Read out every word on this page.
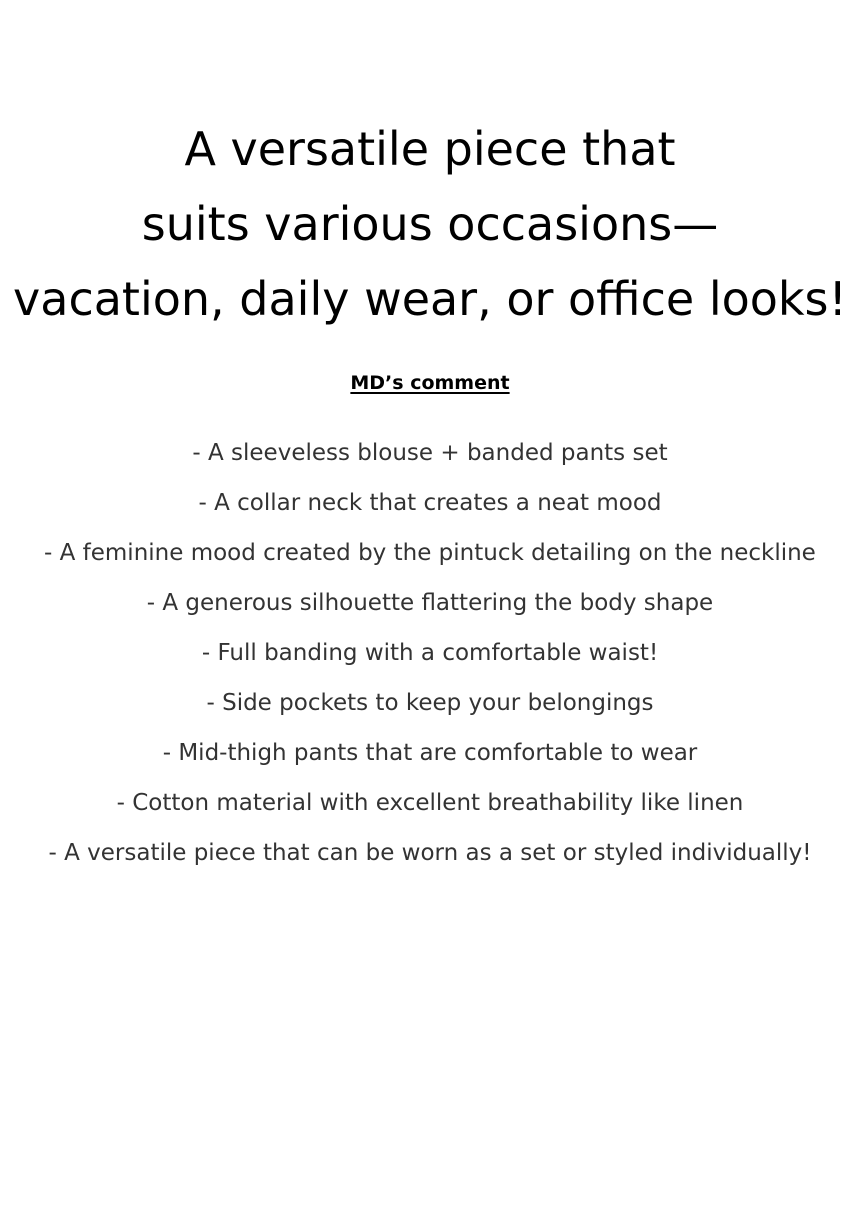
A versatile piece that
suits various occasions—
vacation, daily wear, or office looks!
MD’s comment
- A sleeveless blouse + banded pants set
- A collar neck that creates a neat mood
- A feminine mood created by the pintuck detailing on the neckline
- A generous silhouette flattering the body shape
- Full banding with a comfortable waist!
- Side pockets to keep your belongings
- Mid-thigh pants that are comfortable to wear
- Cotton material with excellent breathability like linen
- A versatile piece that can be worn as a set or styled individually!
